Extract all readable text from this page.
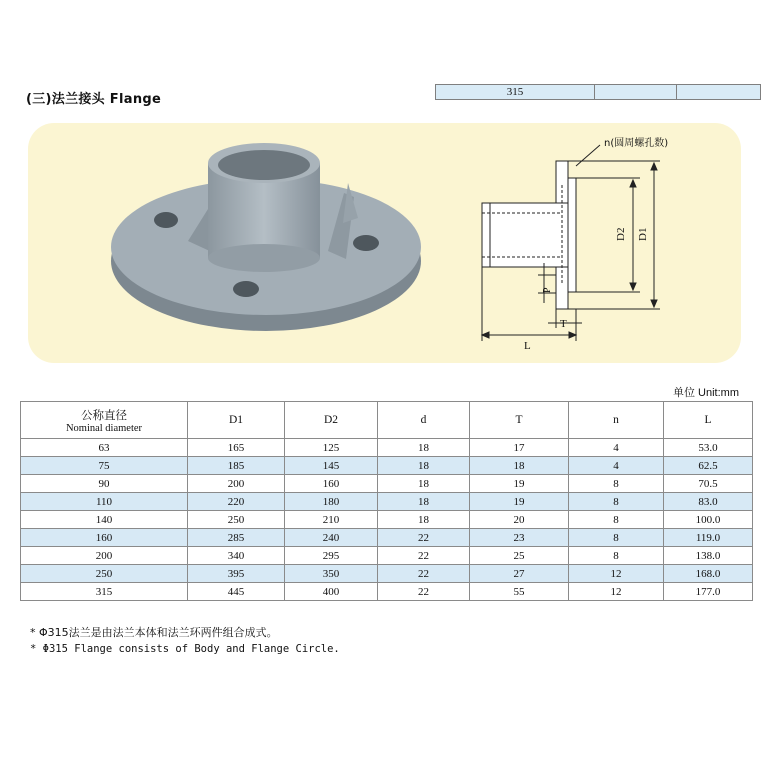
315
(三)法兰接头 Flange
n(圆周螺孔数)
D2 D1
P
T
L
单位 Unit:mm
公称直径
Nominal diameter	D1	D2	d	T	n	L
63	165	125	18	17	4	53.0
75	185	145	18	18	4	62.5
90	200	160	18	19	8	70.5
110	220	180	18	19	8	83.0
140	250	210	18	20	8	100.0
160	285	240	22	23	8	119.0
200	340	295	22	25	8	138.0
250	395	350	22	27	12	168.0
315	445	400	22	55	12	177.0
* Φ315法兰是由法兰本体和法兰环两件组合成式。
* Φ315 Flange consists of Body and Flange Circle.
